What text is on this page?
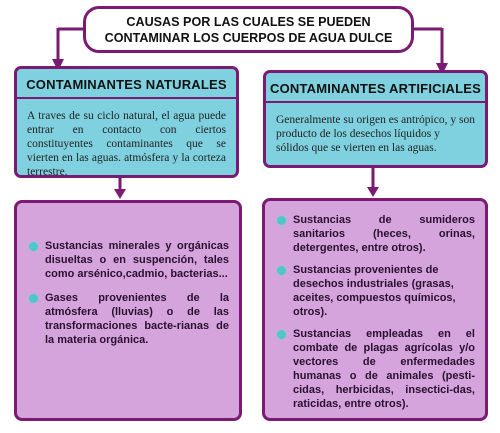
CAUSAS POR LAS CUALES SE PUEDEN
CONTAMINAR LOS CUERPOS DE AGUA DULCE
CONTAMINANTES NATURALES
A traves de su ciclo natural, el agua puede entrar en contacto con ciertos constituyentes contaminantes que se vierten en las aguas. atmósfera y la corteza terrestre.
CONTAMINANTES ARTIFICIALES
Generalmente su origen es antrópico, y son producto de los desechos líquidos y sólidos que se vierten en las aguas.
Sustancias minerales y orgánicas disueltas o en suspención, tales como arsénico,cadmio, bacterias...
Gases provenientes de la atmósfera (lluvias) o de las transformaciones bacte-rianas de la materia orgánica.
Sustancias de sumideros sanitarios (heces, orinas, detergentes, entre otros).
Sustancias provenientes de desechos industriales (grasas, aceites, compuestos químicos, otros).
Sustancias empleadas en el combate de plagas agrícolas y/o vectores de enfermedades humanas o de animales (pesti-cidas, herbicidas, insectici-das, raticidas, entre otros).
